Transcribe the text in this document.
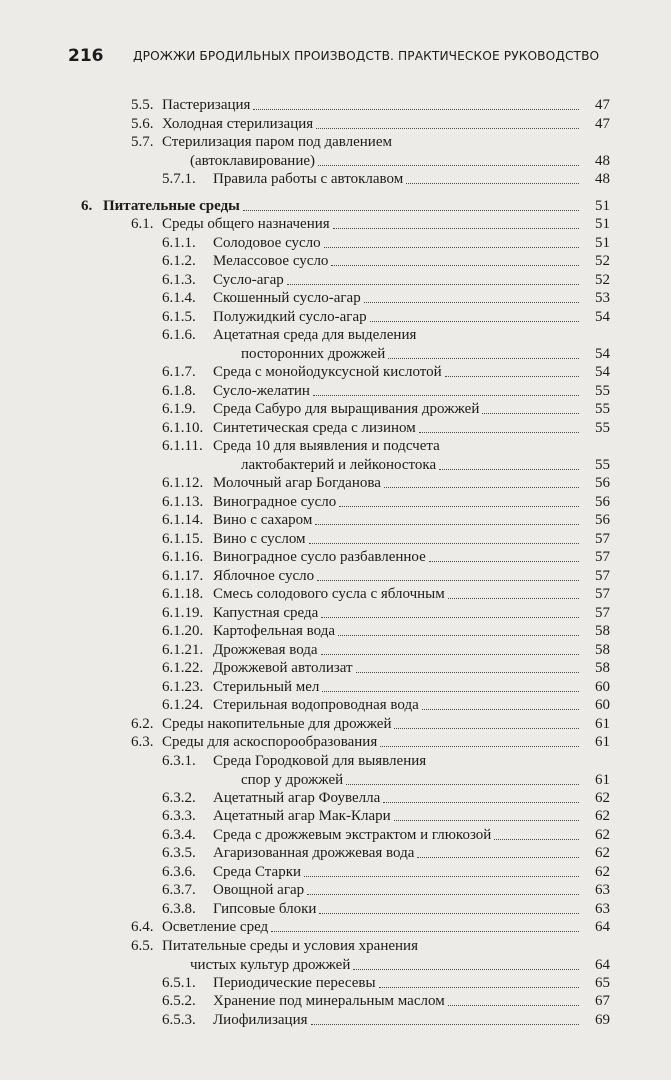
216 ДРОЖЖИ БРОДИЛЬНЫХ ПРОИЗВОДСТВ. ПРАКТИЧЕСКОЕ РУКОВОДСТВО
5.5. Пастеризация	47
5.6. Холодная стерилизация	47
5.7. Стерилизация паром под давлением
(автоклавирование)	48
5.7.1.	Правила работы с автоклавом	48
6. Питательные среды	51
6.1. Среды общего назначения	51
6.1.1.	Солодовое сусло	51
6.1.2.	Мелассовое сусло	52
6.1.3.	Сусло-агар	52
6.1.4.	Скошенный сусло-агар	53
6.1.5.	Полужидкий сусло-агар	54
6.1.6.	Ацетатная среда для выделения
посторонних дрожжей	54
6.1.7.	Среда с монойодуксусной кислотой	54
6.1.8.	Сусло-желатин	55
6.1.9.	Среда Сабуро для выращивания дрожжей	55
6.1.10. Синтетическая среда с лизином	55
6.1.11. Среда 10 для выявления и подсчета
лактобактерий и лейконостока	55
6.1.12. Молочный агар Богданова	56
6.1.13. Виноградное сусло	56
6.1.14. Вино с сахаром	56
6.1.15. Вино с суслом	57
6.1.16. Виноградное сусло разбавленное	57
6.1.17. Яблочное сусло	57
6.1.18. Смесь солодового сусла с яблочным	57
6.1.19. Капустная среда	57
6.1.20. Картофельная вода	58
6.1.21. Дрожжевая вода	58
6.1.22. Дрожжевой автолизат	58
6.1.23. Стерильный мел	60
6.1.24. Стерильная водопроводная вода	60
6.2. Среды накопительные для дрожжей	61
6.3. Среды для аскоспорообразования	61
6.3.1.	Среда Городковой для выявления
спор у дрожжей	61
6.3.2.	Ацетатный агар Фоувелла	62
6.3.3.	Ацетатный агар Мак-Клари	62
6.3.4.	Среда с дрожжевым экстрактом и глюкозой	62
6.3.5.	Агаризованная дрожжевая вода	62
6.3.6.	Среда Старки	62
6.3.7.	Овощной агар	63
6.3.8.	Гипсовые блоки	63
6.4. Осветление сред	64
6.5. Питательные среды и условия хранения
чистых культур дрожжей	64
6.5.1.	Периодические пересевы	65
6.5.2.	Хранение под минеральным маслом	67
6.5.3.	Лиофилизация	69
